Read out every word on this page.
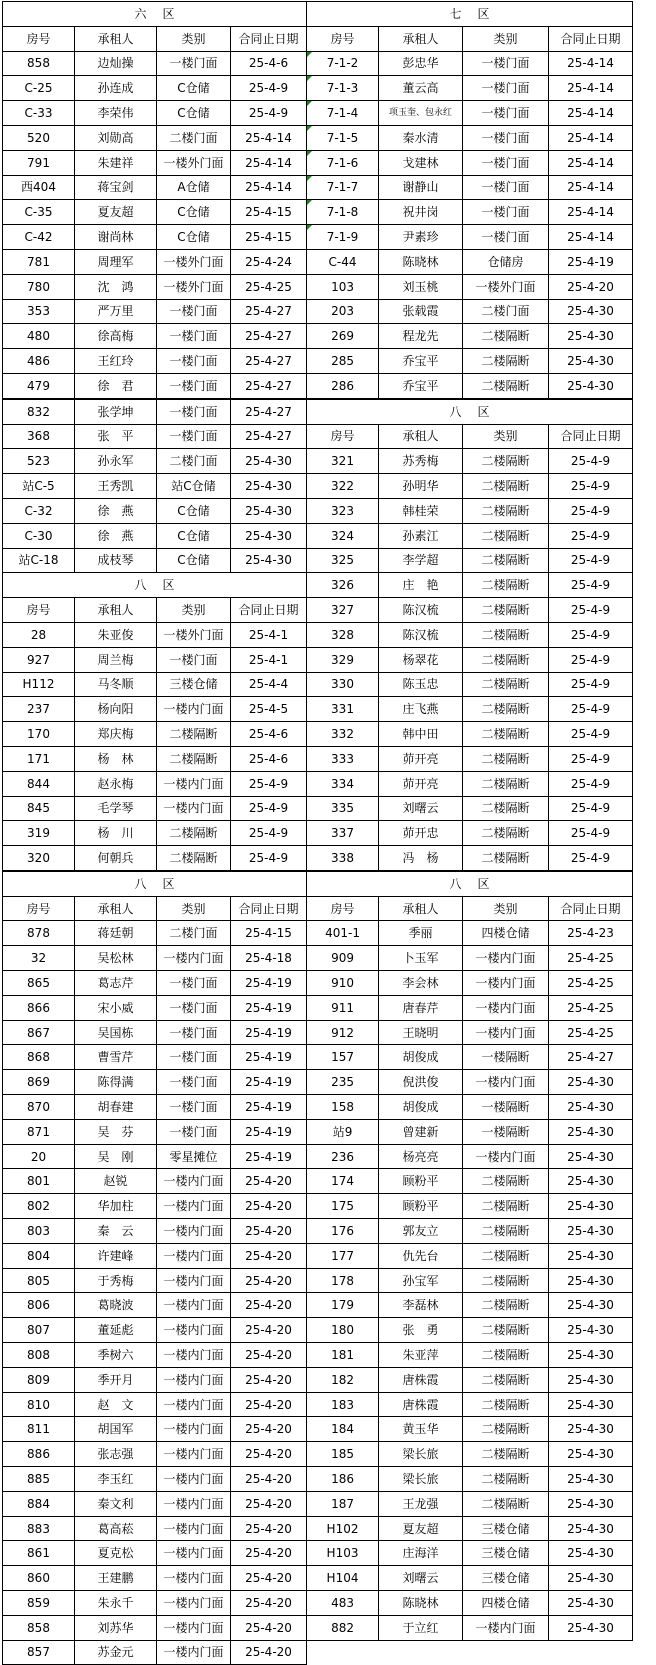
六区				七区			
房号	承租人	类别	合同止日期	房号	承租人	类别	合同止日期
858	边灿操	一楼门面	25-4-6	7-1-2	彭忠华	一楼门面	25-4-14
C-25	孙连成	C仓储	25-4-9	7-1-3	董云高	一楼门面	25-4-14
C-33	李荣伟	C仓储	25-4-9	7-1-4	项玉奎、包永红	一楼门面	25-4-14
520	刘勋高	二楼门面	25-4-14	7-1-5	秦水清	一楼门面	25-4-14
791	朱建祥	一楼外门面	25-4-14	7-1-6	戈建林	一楼门面	25-4-14
西404	蒋宝剑	A仓储	25-4-14	7-1-7	谢静山	一楼门面	25-4-14
C-35	夏友超	C仓储	25-4-15	7-1-8	祝井岗	一楼门面	25-4-14
C-42	谢尚林	C仓储	25-4-15	7-1-9	尹素珍	一楼门面	25-4-14
781	周理军	一楼外门面	25-4-24	C-44	陈晓林	仓储房	25-4-19
780	沈　鸿	一楼外门面	25-4-25	103	刘玉桃	一楼外门面	25-4-20
353	严万里	一楼门面	25-4-27	203	张载霞	二楼门面	25-4-30
480	徐高梅	一楼门面	25-4-27	269	程龙先	二楼隔断	25-4-30
486	王红玲	一楼门面	25-4-27	285	乔宝平	二楼隔断	25-4-30
479	徐　君	一楼门面	25-4-27	286	乔宝平	二楼隔断	25-4-30
832	张学坤	一楼门面	25-4-27	八区			
368	张　平	一楼门面	25-4-27	房号	承租人	类别	合同止日期
523	孙永军	二楼门面	25-4-30	321	苏秀梅	二楼隔断	25-4-9
站C-5	王秀凯	站C仓储	25-4-30	322	孙明华	二楼隔断	25-4-9
C-32	徐　燕	C仓储	25-4-30	323	韩桂荣	二楼隔断	25-4-9
C-30	徐　燕	C仓储	25-4-30	324	孙素江	二楼隔断	25-4-9
站C-18	成枝琴	C仓储	25-4-30	325	李学超	二楼隔断	25-4-9
八区				326	庄　艳	二楼隔断	25-4-9
房号	承租人	类别	合同止日期	327	陈汉梳	二楼隔断	25-4-9
28	朱亚俊	一楼外门面	25-4-1	328	陈汉梳	二楼隔断	25-4-9
927	周兰梅	一楼门面	25-4-1	329	杨翠花	二楼隔断	25-4-9
H112	马冬顺	三楼仓储	25-4-4	330	陈玉忠	二楼隔断	25-4-9
237	杨向阳	一楼内门面	25-4-5	331	庄飞燕	二楼隔断	25-4-9
170	郑庆梅	二楼隔断	25-4-6	332	韩中田	二楼隔断	25-4-9
171	杨　林	二楼隔断	25-4-6	333	茆开亮	二楼隔断	25-4-9
844	赵永梅	一楼内门面	25-4-9	334	茆开亮	二楼隔断	25-4-9
845	毛学琴	一楼内门面	25-4-9	335	刘曙云	二楼隔断	25-4-9
319	杨　川	二楼隔断	25-4-9	337	茆开忠	二楼隔断	25-4-9
320	何朝兵	二楼隔断	25-4-9	338	冯　杨	二楼隔断	25-4-9
八区				八区			
房号	承租人	类别	合同止日期	房号	承租人	类别	合同止日期
878	蒋廷朝	二楼门面	25-4-15	401-1	季丽	四楼仓储	25-4-23
32	吴松林	一楼内门面	25-4-18	909	卜玉军	一楼内门面	25-4-25
865	葛志芹	一楼门面	25-4-19	910	李会林	一楼内门面	25-4-25
866	宋小威	一楼门面	25-4-19	911	唐春芹	一楼内门面	25-4-25
867	吴国栋	一楼门面	25-4-19	912	王晓明	一楼内门面	25-4-25
868	曹雪芹	一楼门面	25-4-19	157	胡俊成	一楼隔断	25-4-27
869	陈得满	一楼门面	25-4-19	235	倪洪俊	一楼内门面	25-4-30
870	胡春建	一楼门面	25-4-19	158	胡俊成	一楼隔断	25-4-30
871	吴　芬	一楼门面	25-4-19	站9	曾建新	一楼隔断	25-4-30
20	吴　刚	零星摊位	25-4-19	236	杨亮亮	一楼内门面	25-4-30
801	赵锐	一楼内门面	25-4-20	174	顾粉平	二楼隔断	25-4-30
802	华加柱	一楼内门面	25-4-20	175	顾粉平	二楼隔断	25-4-30
803	秦　云	一楼内门面	25-4-20	176	郭友立	二楼隔断	25-4-30
804	许建峰	一楼内门面	25-4-20	177	仇先台	二楼隔断	25-4-30
805	于秀梅	一楼内门面	25-4-20	178	孙宝军	二楼隔断	25-4-30
806	葛晓波	一楼内门面	25-4-20	179	李磊林	二楼隔断	25-4-30
807	董延彪	一楼内门面	25-4-20	180	张　勇	二楼隔断	25-4-30
808	季树六	一楼内门面	25-4-20	181	朱亚萍	二楼隔断	25-4-30
809	季开月	一楼内门面	25-4-20	182	唐株霞	二楼隔断	25-4-30
810	赵　文	一楼内门面	25-4-20	183	唐株霞	二楼隔断	25-4-30
811	胡国军	一楼内门面	25-4-20	184	黄玉华	二楼隔断	25-4-30
886	张志强	一楼内门面	25-4-20	185	梁长旅	二楼隔断	25-4-30
885	李玉红	一楼内门面	25-4-20	186	梁长旅	二楼隔断	25-4-30
884	秦文利	一楼内门面	25-4-20	187	王龙强	二楼隔断	25-4-30
883	葛高菘	一楼内门面	25-4-20	H102	夏友超	三楼仓储	25-4-30
861	夏克松	一楼内门面	25-4-20	H103	庄海洋	三楼仓储	25-4-30
860	王建鹏	一楼内门面	25-4-20	H104	刘曙云	三楼仓储	25-4-30
859	朱永千	一楼内门面	25-4-20	483	陈晓林	四楼仓储	25-4-30
858	刘苏华	一楼内门面	25-4-20	882	于立红	一楼内门面	25-4-30
857	苏金元	一楼内门面	25-4-20				
